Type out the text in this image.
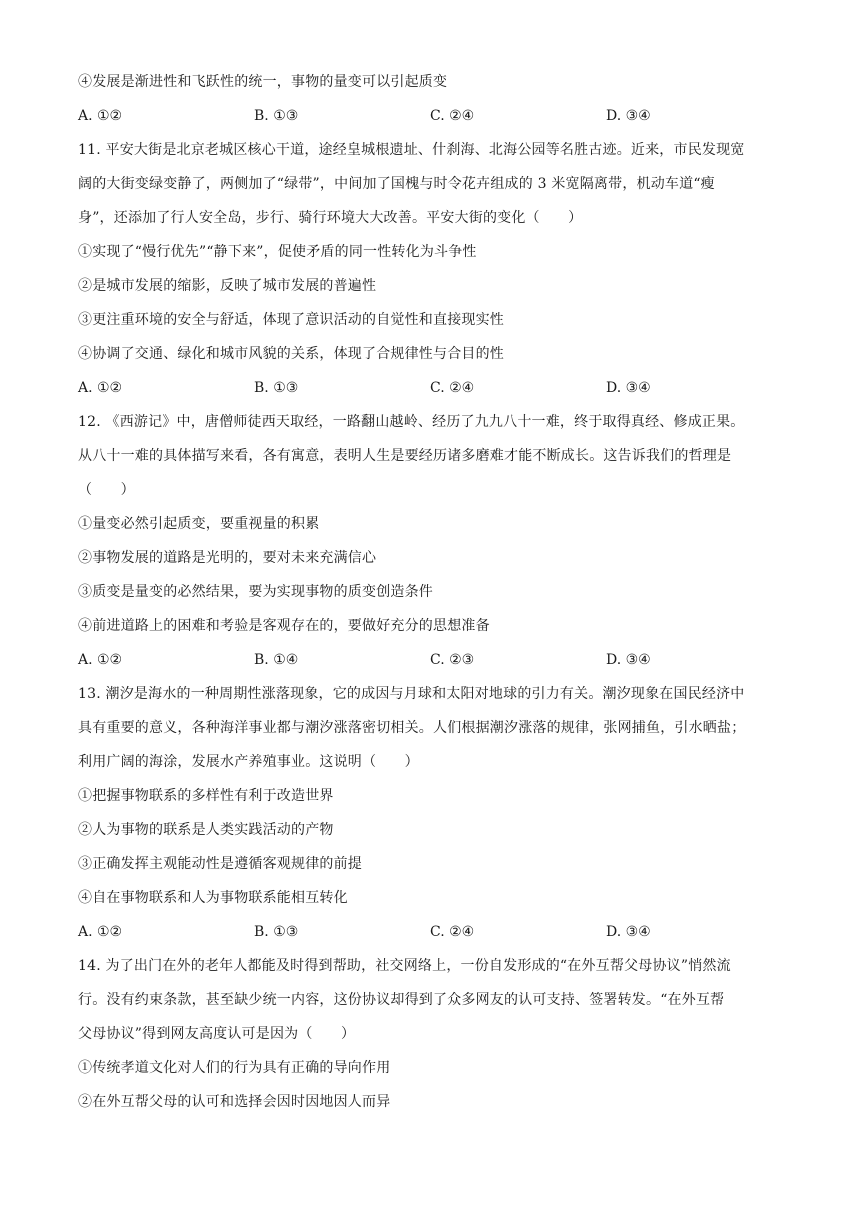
④发展是渐进性和飞跃性的统一，事物的量变可以引起质变
A. ①②	B. ①③	C. ②④	D. ③④
11. 平安大街是北京老城区核心干道，途经皇城根遗址、什刹海、北海公园等名胜古迹。近来，市民发现宽
阔的大街变绿变静了，两侧加了“绿带”，中间加了国槐与时令花卉组成的 3 米宽隔离带，机动车道“瘦
身”，还添加了行人安全岛，步行、骑行环境大大改善。平安大街的变化（　　）
①实现了“慢行优先”“静下来”，促使矛盾的同一性转化为斗争性
②是城市发展的缩影，反映了城市发展的普遍性
③更注重环境的安全与舒适，体现了意识活动的自觉性和直接现实性
④协调了交通、绿化和城市风貌的关系，体现了合规律性与合目的性
A. ①②	B. ①③	C. ②④	D. ③④
12. 《西游记》中，唐僧师徒西天取经，一路翻山越岭、经历了九九八十一难，终于取得真经、修成正果。
从八十一难的具体描写来看，各有寓意，表明人生是要经历诸多磨难才能不断成长。这告诉我们的哲理是
（　　）
①量变必然引起质变，要重视量的积累
②事物发展的道路是光明的，要对未来充满信心
③质变是量变的必然结果，要为实现事物的质变创造条件
④前进道路上的困难和考验是客观存在的，要做好充分的思想准备
A. ①②	B. ①④	C. ②③	D. ③④
13. 潮汐是海水的一种周期性涨落现象，它的成因与月球和太阳对地球的引力有关。潮汐现象在国民经济中
具有重要的意义，各种海洋事业都与潮汐涨落密切相关。人们根据潮汐涨落的规律，张网捕鱼，引水晒盐；
利用广阔的海涂，发展水产养殖事业。这说明（　　）
①把握事物联系的多样性有利于改造世界
②人为事物的联系是人类实践活动的产物
③正确发挥主观能动性是遵循客观规律的前提
④自在事物联系和人为事物联系能相互转化
A. ①②	B. ①③	C. ②④	D. ③④
14. 为了出门在外的老年人都能及时得到帮助，社交网络上，一份自发形成的“在外互帮父母协议”悄然流
行。没有约束条款，甚至缺少统一内容，这份协议却得到了众多网友的认可支持、签署转发。“在外互帮
父母协议”得到网友高度认可是因为（　　）
①传统孝道文化对人们的行为具有正确的导向作用
②在外互帮父母的认可和选择会因时因地因人而异
